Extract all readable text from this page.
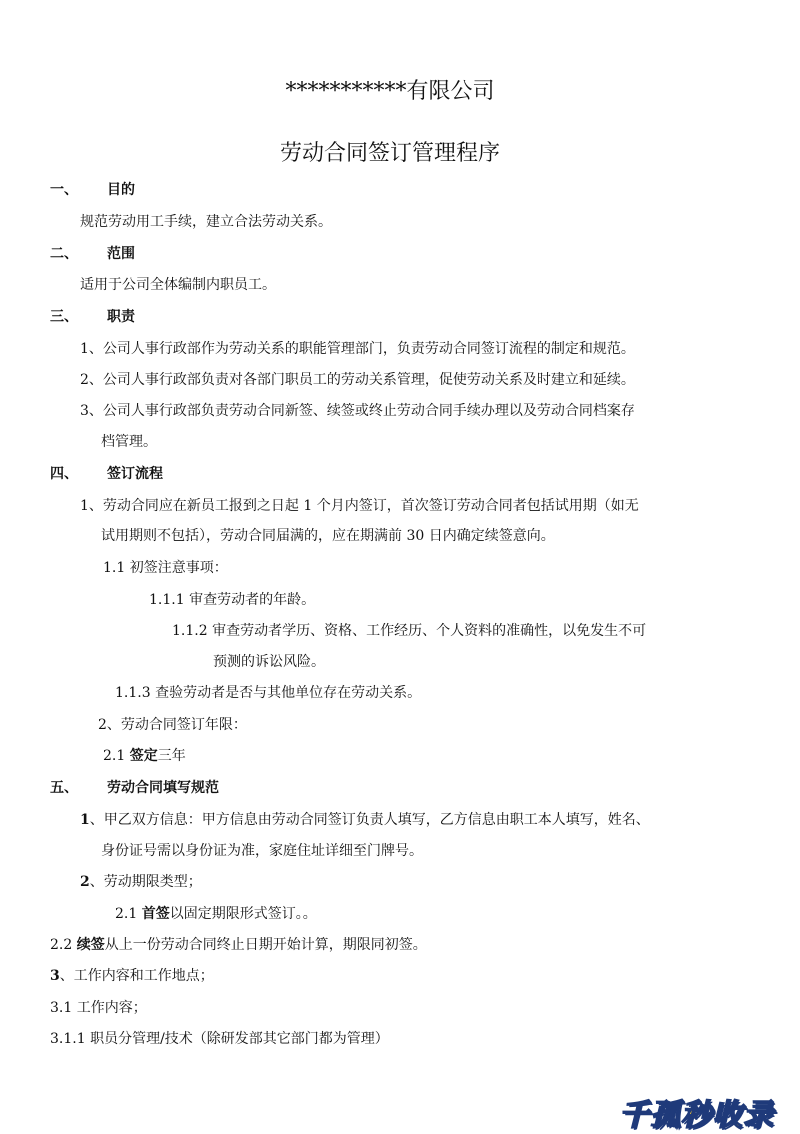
***********有限公司
劳动合同签订管理程序
一、 目的
规范劳动用工手续，建立合法劳动关系。
二、 范围
适用于公司全体编制内职员工。
三、 职责
1、公司人事行政部作为劳动关系的职能管理部门，负责劳动合同签订流程的制定和规范。
2、公司人事行政部负责对各部门职员工的劳动关系管理，促使劳动关系及时建立和延续。
3、公司人事行政部负责劳动合同新签、续签或终止劳动合同手续办理以及劳动合同档案存
档管理。
四、 签订流程
1、劳动合同应在新员工报到之日起 1 个月内签订，首次签订劳动合同者包括试用期（如无
试用期则不包括），劳动合同届满的，应在期满前 30 日内确定续签意向。
1.1 初签注意事项：
1.1.1 审查劳动者的年龄。
1.1.2 审查劳动者学历、资格、工作经历、个人资料的准确性，以免发生不可
预测的诉讼风险。
1.1.3 查验劳动者是否与其他单位存在劳动关系。
2、劳动合同签订年限：
2.1 签定三年
五、 劳动合同填写规范
1、甲乙双方信息：甲方信息由劳动合同签订负责人填写，乙方信息由职工本人填写，姓名、
身份证号需以身份证为准，家庭住址详细至门牌号。
2、劳动期限类型；
2.1 首签以固定期限形式签订。。
2.2 续签从上一份劳动合同终止日期开始计算，期限同初签。
3、工作内容和工作地点；
3.1 工作内容；
3.1.1 职员分管理/技术（除研发部其它部门都为管理）
千孤秒收录
